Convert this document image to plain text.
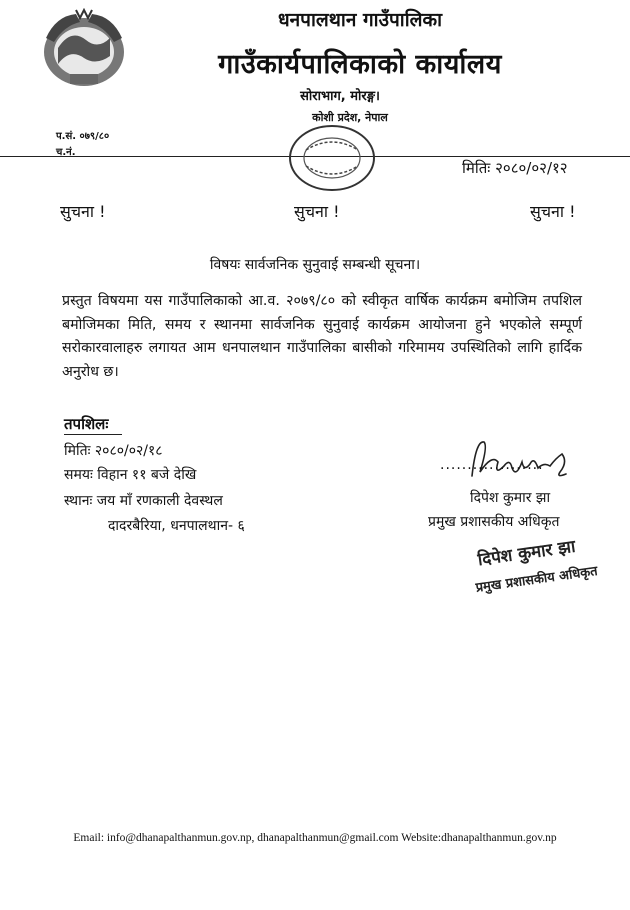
धनपालथान गाउँपालिका
गाउँकार्यपालिकाको कार्यालय
सोराभाग, मोरङ्ग।
कोशी प्रदेश, नेपाल
प.सं. ०७९/८०
च.नं.
मितिः २०८०/०२/१२
सुचना !	सुचना !	सुचना !
विषयः सार्वजनिक सुनुवाई सम्बन्धी सूचना।
प्रस्तुत विषयमा यस गाउँपालिकाको आ.व. २०७९/८० को स्वीकृत वार्षिक कार्यक्रम बमोजिम तपशिल बमोजिमका मिति, समय र स्थानमा सार्वजनिक सुनुवाई कार्यक्रम आयोजना हुने भएकोले सम्पूर्ण सरोकारवालाहरु लगायत आम धनपालथान गाउँपालिका बासीको गरिमामय उपस्थितिको लागि हार्दिक अनुरोध छ।
तपशिलः
मितिः २०८०/०२/१८
समयः विहान ११ बजे देखि
स्थानः जय माँ रणकाली देवस्थल
दादरबैरिया, धनपालथान- ६
...................
दिपेश कुमार झा
प्रमुख प्रशासकीय अधिकृत
दिपेश कुमार झा
प्रमुख प्रशासकीय अधिकृत
Email: info@dhanapalthanmun.gov.np, dhanapalthanmun@gmail.com Website:dhanapalthanmun.gov.np
